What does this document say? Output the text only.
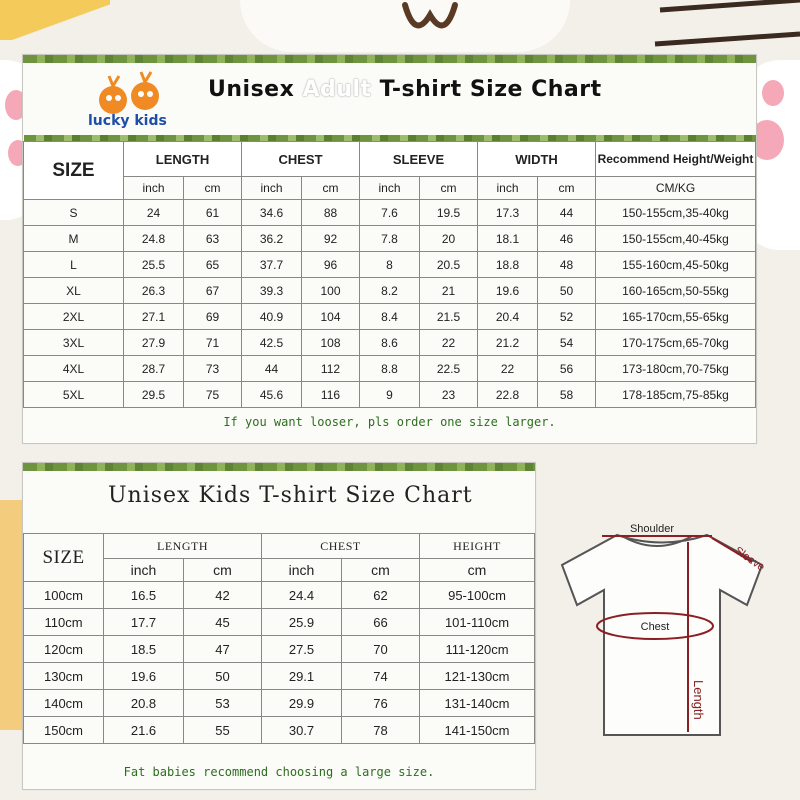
lucky kids
Unisex Adult T-shirt Size Chart

SIZE	LENGTH		CHEST		SLEEVE		WIDTH		Recommend Height/Weight
	inch	cm	inch	cm	inch	cm	inch	cm	CM/KG
S	24	61	34.6	88	7.6	19.5	17.3	44	150-155cm,35-40kg
M	24.8	63	36.2	92	7.8	20	18.1	46	150-155cm,40-45kg
L	25.5	65	37.7	96	8	20.5	18.8	48	155-160cm,45-50kg
XL	26.3	67	39.3	100	8.2	21	19.6	50	160-165cm,50-55kg
2XL	27.1	69	40.9	104	8.4	21.5	20.4	52	165-170cm,55-65kg
3XL	27.9	71	42.5	108	8.6	22	21.2	54	170-175cm,65-70kg
4XL	28.7	73	44	112	8.8	22.5	22	56	173-180cm,70-75kg
5XL	29.5	75	45.6	116	9	23	22.8	58	178-185cm,75-85kg
If you want looser, pls order one size larger.
Unisex Kids T-shirt Size Chart
SIZE	LENGTH		CHEST		HEIGHT
	inch	cm	inch	cm	cm
100cm	16.5	42	24.4	62	95-100cm
110cm	17.7	45	25.9	66	101-110cm
120cm	18.5	47	27.5	70	111-120cm
130cm	19.6	50	29.1	74	121-130cm
140cm	20.8	53	29.9	76	131-140cm
150cm	21.6	55	30.7	78	141-150cm
Fat babies recommend choosing a large size.
Shoulder
Sleeve
Chest
Length
